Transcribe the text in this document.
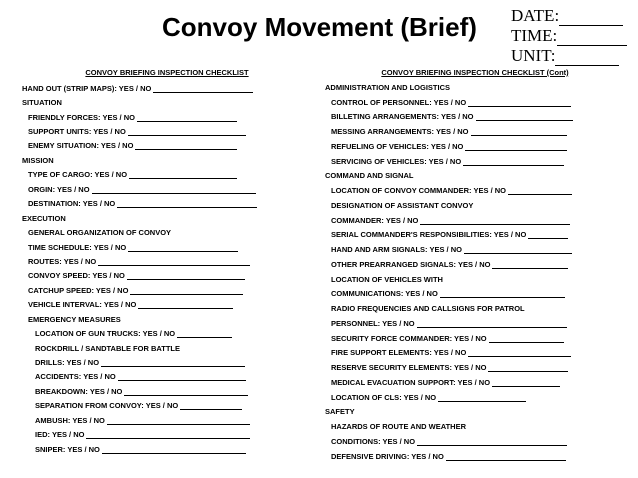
Convoy Movement (Brief) DATE:
TIME:
UNIT:
CONVOY BRIEFING INSPECTION CHECKLIST
HAND OUT (STRIP MAPS): YES / NO
SITUATION
FRIENDLY FORCES: YES / NO
SUPPORT UNITS: YES / NO
ENEMY SITUATION: YES / NO
MISSION
TYPE OF CARGO: YES / NO
ORGIN: YES / NO
DESTINATION: YES / NO
EXECUTION
GENERAL ORGANIZATION OF CONVOY
TIME SCHEDULE: YES / NO
ROUTES: YES / NO
CONVOY SPEED: YES / NO
CATCHUP SPEED: YES / NO
VEHICLE INTERVAL: YES / NO
EMERGENCY MEASURES
LOCATION OF GUN TRUCKS: YES / NO
ROCKDRILL / SANDTABLE FOR BATTLE
DRILLS: YES / NO
ACCIDENTS: YES / NO
BREAKDOWN: YES / NO
SEPARATION FROM CONVOY: YES / NO
AMBUSH: YES / NO
IED: YES / NO
SNIPER: YES / NO
CONVOY BRIEFING INSPECTION CHECKLIST (Cont)
ADMINISTRATION AND LOGISTICS
CONTROL OF PERSONNEL: YES / NO
BILLETING ARRANGEMENTS: YES / NO
MESSING ARRANGEMENTS: YES / NO
REFUELING OF VEHICLES: YES / NO
SERVICING OF VEHICLES: YES / NO
COMMAND AND SIGNAL
LOCATION OF CONVOY COMMANDER: YES / NO
DESIGNATION OF ASSISTANT CONVOY
COMMANDER: YES / NO
SERIAL COMMANDER'S RESPONSIBILITIES: YES / NO
HAND AND ARM SIGNALS: YES / NO
OTHER PREARRANGED SIGNALS: YES / NO
LOCATION OF VEHICLES WITH
COMMUNICATIONS: YES / NO
RADIO FREQUENCIES AND CALLSIGNS FOR PATROL
PERSONNEL: YES / NO
SECURITY FORCE COMMANDER: YES / NO
FIRE SUPPORT ELEMENTS: YES / NO
RESERVE SECURITY ELEMENTS: YES / NO
MEDICAL EVACUATION SUPPORT: YES / NO
LOCATION OF CLS: YES / NO
SAFETY
HAZARDS OF ROUTE AND WEATHER
CONDITIONS: YES / NO
DEFENSIVE DRIVING: YES / NO
